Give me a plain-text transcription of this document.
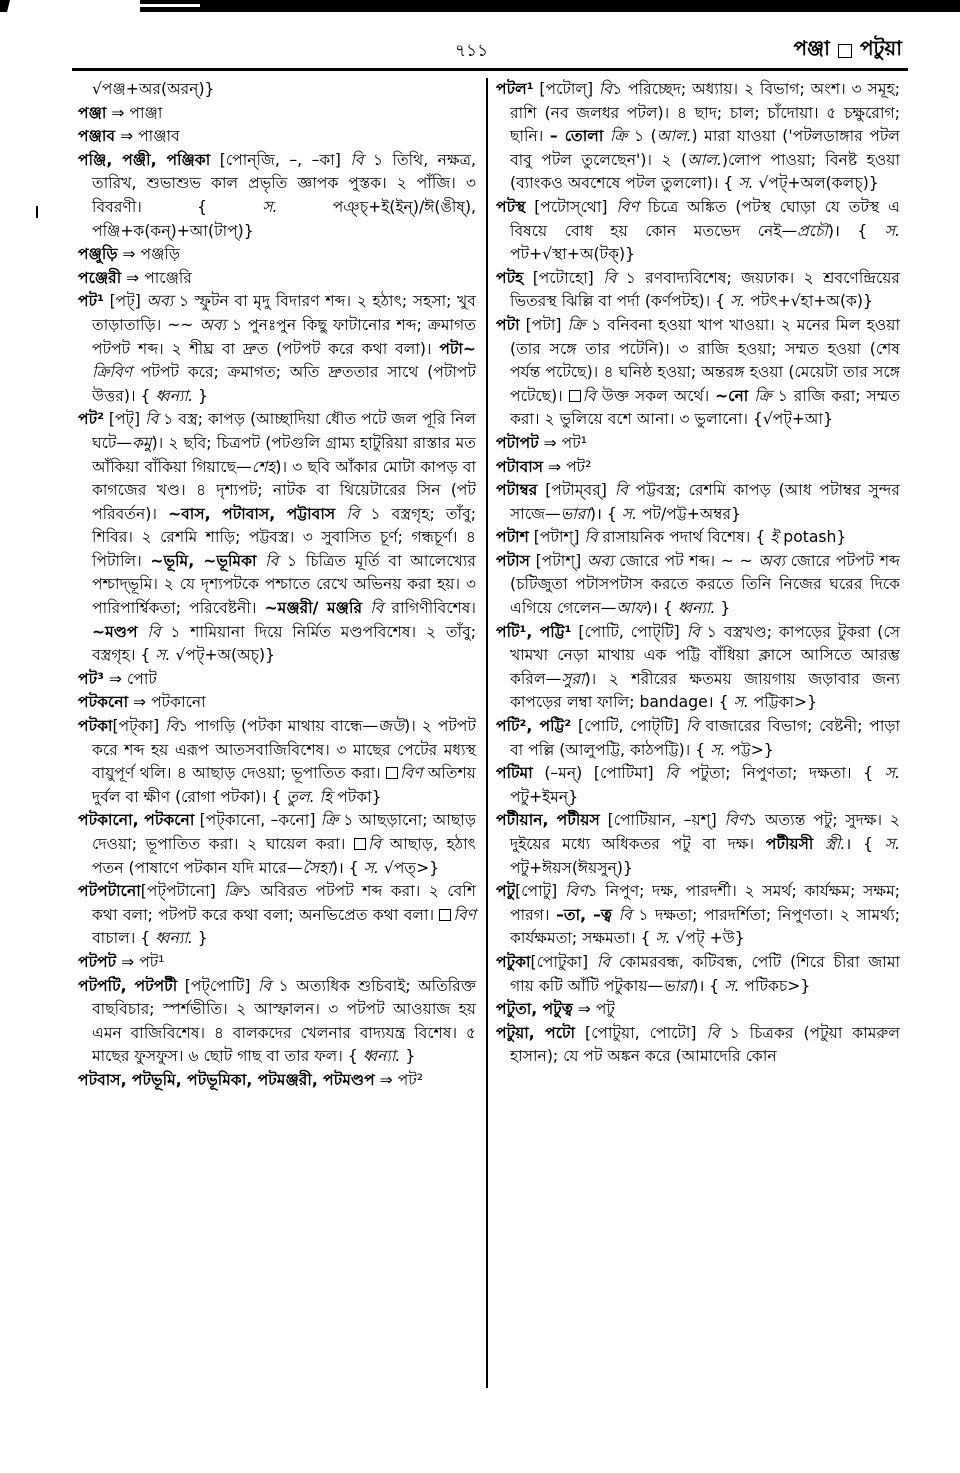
৭১১	পঞ্জা পটুয়া

√পঞ্জ+অর(অরন্)}

পঞ্জা ⇒ পাঞ্জা

পঞ্জাব ⇒ পাঞ্জাব

পঞ্জি, পঞ্জী, পঞ্জিকা [পোন্‌জি, –, –কা] বি ১ তিথি, নক্ষত্র, তারিখ, শুভাশুভ কাল প্রভৃতি জ্ঞাপক পুস্তক। ২ পাঁজি। ৩ বিবরণী। { স. পঞ্চ্+ই(ইন্)/ঈ(ঙীষ্), পঞ্জি+ক(কন্)+আ(টাপ্)}

পঞ্জুড়ি ⇒ পঞ্জড়ি

পঞ্জেরী ⇒ পাঞ্জেরি

পট¹ [পট্] অব্য ১ স্ফুটন বা মৃদু বিদারণ শব্দ। ২ হঠাৎ; সহসা; খুব তাড়াতাড়ি। ~~ অব্য ১ পুনঃপুন কিছু ফাটানোর শব্দ; ক্রমাগত পটপট শব্দ। ২ শীঘ্র বা দ্রুত (পটপট করে কথা বলা)। পটা~ ক্রিবিণ পটপট করে; ক্রমাগত; অতি দ্রুততার সাথে (পটাপট উত্তর)। { ধ্বন্যা. }

পট² [পট্] বি ১ বস্ত্র; কাপড় (আচ্ছাদিয়া ধৌত পটে জল পূরি নিল ঘটে—কমু)। ২ ছবি; চিত্রপট (পটগুলি গ্রাম্য হাটুরিয়া রাস্তার মত আঁকিয়া বাঁকিয়া গিয়াছে—শেহ)। ৩ ছবি আঁকার মোটা কাপড় বা কাগজের খণ্ড। ৪ দৃশ্যপট; নাটক বা থিয়েটারের সিন (পট পরিবর্তন)। ~বাস, পটাবাস, পট্টাবাস বি ১ বস্ত্রগৃহ; তাঁবু; শিবির। ২ রেশমি শাড়ি; পট্টবস্ত্র। ৩ সুবাসিত চূর্ণ; গন্ধচূর্ণ। ৪ পিটালি। ~ভূমি, ~ভূমিকা বি ১ চিত্রিত মূর্তি বা আলেখ্যের পশ্চাদ্‌ভূমি। ২ যে দৃশ্যপটকে পশ্চাতে রেখে অভিনয় করা হয়। ৩ পারিপার্শ্বিকতা; পরিবেষ্টনী। ~মঞ্জরী/ মঞ্জরি বি রাগিণীবিশেষ। ~মণ্ডপ বি ১ শামিয়ানা দিয়ে নির্মিত মণ্ডপবিশেষ। ২ তাঁবু; বস্ত্রগৃহ। { স. √পট্+অ(অচ্)}

পট³ ⇒ পোট

পটকনো ⇒ পটকানো

পটকা[পট্‌কা] বি১ পাগড়ি (পটকা মাথায় বান্ধে—জউ)। ২ পটপট করে শব্দ হয় এরূপ আতসবাজিবিশেষ। ৩ মাছের পেটের মধ্যস্থ বায়ুপূর্ণ থলি। ৪ আছাড় দেওয়া; ভূপাতিত করা। বিণ অতিশয় দুর্বল বা ক্ষীণ (রোগা পটকা)। { তুল. হি পটকা}

পটকানো, পটকনো [পট্‌কানো, –কনো] ক্রি ১ আছড়ানো; আছাড় দেওয়া; ভূপাতিত করা। ২ ঘায়েল করা। বি আছাড়, হঠাৎ পতন (পাষাণে পটকান যদি মারে—সৈহা)। { স. √পত্>}

পটপটানো[পট্‌পটানো] ক্রি১ অবিরত পটপট শব্দ করা। ২ বেশি কথা বলা; পটপট করে কথা বলা; অনভিপ্রেত কথা বলা। বিণ বাচাল। { ধ্বন্যা. }

পটপট ⇒ পট¹

পটপটি, পটপটী [পট্‌পোটি] বি ১ অত্যধিক শুচিবাই; অতিরিক্ত বাছবিচার; স্পর্শভীতি। ২ আস্ফালন। ৩ পটপট আওয়াজ হয় এমন বাজিবিশেষ। ৪ বালকদের খেলনার বাদ্যযন্ত্র বিশেষ। ৫ মাছের ফুসফুস। ৬ ছোট গাছ বা তার ফল। { ধ্বন্যা. }

পটবাস, পটভূমি, পটভূমিকা, পটমঞ্জরী, পটমণ্ডপ ⇒ পট²

পটল¹ [পটোল্] বি১ পরিচ্ছেদ; অধ্যায়। ২ বিভাগ; অংশ। ৩ সমূহ; রাশি (নব জলধর পটল)। ৪ ছাদ; চাল; চাঁদোয়া। ৫ চক্ষুরোগ; ছানি। – তোলা ক্রি ১ (আল.) মারা যাওয়া ('পটলডাঙ্গার পটল বাবু পটল তুলেছেন')। ২ (আল.)লোপ পাওয়া; বিনষ্ট হওয়া (ব্যাংকও অবশেষে পটল তুললো)। { স. √পট্+অল(কলচ্)}

পটস্থ [পটোস্‌থো] বিণ চিত্রে অঙ্কিত (পটস্থ ঘোড়া যে তটস্থ এ বিষয়ে বোধ হয় কোন মতভেদ নেই—প্রচৌ)। { স. পট+√স্থা+অ(টক্)}

পটহ [পটোহো] বি ১ রণবাদ্যবিশেষ; জয়ঢাক। ২ শ্রবণেন্দ্রিয়ের ভিতরস্থ ঝিল্লি বা পর্দা (কর্ণপটহ)। { স. পটৎ+√হা+অ(ক)}

পটা [পটা] ক্রি ১ বনিবনা হওয়া খাপ খাওয়া। ২ মনের মিল হওয়া (তার সঙ্গে তার পটেনি)। ৩ রাজি হওয়া; সম্মত হওয়া (শেষ পর্যন্ত পটেছে)। ৪ ঘনিষ্ঠ হওয়া; অন্তরঙ্গ হওয়া (মেয়েটা তার সঙ্গে পটেছে)। বি উক্ত সকল অর্থে। ~নো ক্রি ১ রাজি করা; সম্মত করা। ২ ভুলিয়ে বশে আনা। ৩ ভুলানো। {√পট্+আ}

পটাপট ⇒ পট¹

পটাবাস ⇒ পট²

পটাম্বর [পটাম্‌বর্] বি পট্টবস্ত্র; রেশমি কাপড় (আধ পটাম্বর সুন্দর সাজে—ভারা)। { স. পট/পট্ট+অম্বর}

পটাশ [পটাশ্] বি রাসায়নিক পদার্থ বিশেষ। { ই potash}

পটাস [পটাশ্] অব্য জোরে পট শব্দ। ~ ~ অব্য জোরে পটপট শব্দ (চটিজুতা পটাসপটাস করতে করতে তিনি নিজের ঘরের দিকে এগিয়ে গেলেন—আফ)। { ধ্বন্যা. }

পটি¹, পট্টি¹ [পোটি, পোট্‌টি] বি ১ বস্ত্রখণ্ড; কাপড়ের টুকরা (সে খামখা নেড়া মাথায় এক পট্টি বাঁধিয়া ক্লাসে আসিতে আরম্ভ করিল—সুরা)। ২ শরীরের ক্ষতময় জায়গায় জড়াবার জন্য কাপড়ের লম্বা ফালি; bandage। { স. পট্টিকা>}

পটি², পট্টি² [পোটি, পোট্‌টি] বি বাজারের বিভাগ; বেষ্টনী; পাড়া বা পল্লি (আলুপট্টি, কাঠপট্টি)। { স. পট্ট>}

পটিমা (–মন্) [পোটিমা] বি পটুতা; নিপুণতা; দক্ষতা। { স. পটু+ইমন্}

পটীয়ান, পটীয়স [পোটিয়ান, –য়শ্] বিণ১ অত্যন্ত পটু; সুদক্ষ। ২ দুইয়ের মধ্যে অধিকতর পটু বা দক্ষ। পটীয়সী স্ত্রী.। { স. পটু+ঈয়স(ঈয়সুন্)}

পটু[পোটু] বিণ১ নিপুণ; দক্ষ, পারদর্শী। ২ সমর্থ; কার্যক্ষম; সক্ষম; পারগ। –তা, –ত্ব বি ১ দক্ষতা; পারদর্শিতা; নিপুণতা। ২ সামর্থ্য; কার্যক্ষমতা; সক্ষমতা। { স. √পট্ +উ}

পটুকা[পোটুকা] বি কোমরবন্ধ, কটিবন্ধ, পেটি (শিরে চীরা জামা গায় কটি আঁটি পটুকায়—ভারা)। { স. পটিকচ>}

পটুতা, পটুত্ব ⇒ পটু

পটুয়া, পটো [পোটুয়া, পোটো] বি ১ চিত্রকর (পটুয়া কামরুল হাসান); যে পট অঙ্কন করে (আমাদেরি কোন
